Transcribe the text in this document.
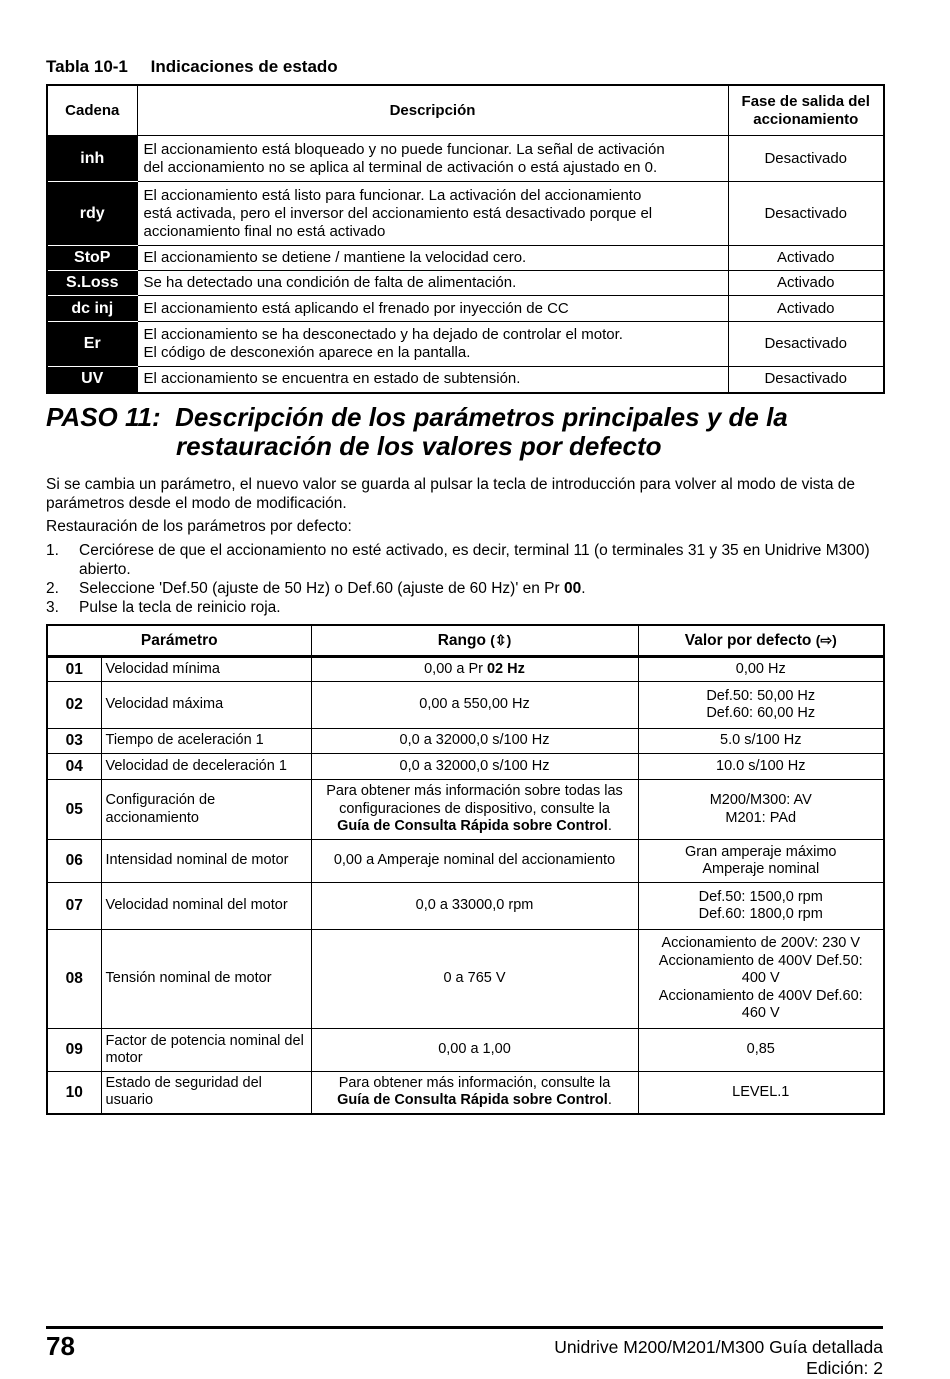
Tabla 10-1 Indicaciones de estado
Cadena	Descripción	Fase de salida del accionamiento
inh	El accionamiento está bloqueado y no puede funcionar. La señal de activación
del accionamiento no se aplica al terminal de activación o está ajustado en 0.	Desactivado
rdy	El accionamiento está listo para funcionar. La activación del accionamiento
está activada, pero el inversor del accionamiento está desactivado porque el
accionamiento final no está activado	Desactivado
StoP	El accionamiento se detiene / mantiene la velocidad cero.	Activado
S.Loss	Se ha detectado una condición de falta de alimentación.	Activado
dc inj	El accionamiento está aplicando el frenado por inyección de CC	Activado
Er	El accionamiento se ha desconectado y ha dejado de controlar el motor.
El código de desconexión aparece en la pantalla.	Desactivado
UV	El accionamiento se encuentra en estado de subtensión.	Desactivado
PASO 11:  Descripción de los parámetros principales y de la
restauración de los valores por defecto

Si se cambia un parámetro, el nuevo valor se guarda al pulsar la tecla de introducción para volver al modo de vista de parámetros desde el modo de modificación.

Restauración de los parámetros por defecto:

1. Cerciórese de que el accionamiento no esté activado, es decir, terminal 11 (o terminales 31 y 35 en Unidrive M300) abierto.
2. Seleccione 'Def.50 (ajuste de 50 Hz) o Def.60 (ajuste de 60 Hz)' en Pr 00.
3. Pulse la tecla de reinicio roja.
Parámetro		Rango (⇳)	Valor por defecto (⇨)
01	Velocidad mínima	0,00 a Pr 02 Hz	0,00 Hz
02	Velocidad máxima	0,00 a 550,00 Hz	Def.50: 50,00 Hz
Def.60: 60,00 Hz
03	Tiempo de aceleración 1	0,0 a 32000,0 s/100 Hz	5.0 s/100 Hz
04	Velocidad de deceleración 1	0,0 a 32000,0 s/100 Hz	10.0 s/100 Hz
05	Configuración de accionamiento	Para obtener más información sobre todas las configuraciones de dispositivo, consulte la
Guía de Consulta Rápida sobre Control.	M200/M300: AV
M201: PAd
06	Intensidad nominal de motor	0,00 a Amperaje nominal del accionamiento	Gran amperaje máximo
Amperaje nominal
07	Velocidad nominal del motor	0,0 a 33000,0 rpm	Def.50: 1500,0 rpm
Def.60: 1800,0 rpm
08	Tensión nominal de motor	0 a 765 V	Accionamiento de 200V: 230 V
Accionamiento de 400V Def.50:
400 V
Accionamiento de 400V Def.60:
460 V
09	Factor de potencia nominal del motor	0,00 a 1,00	0,85
10	Estado de seguridad del usuario	Para obtener más información, consulte la
Guía de Consulta Rápida sobre Control.	LEVEL.1
78	Unidrive M200/M201/M300 Guía detallada
Edición: 2
